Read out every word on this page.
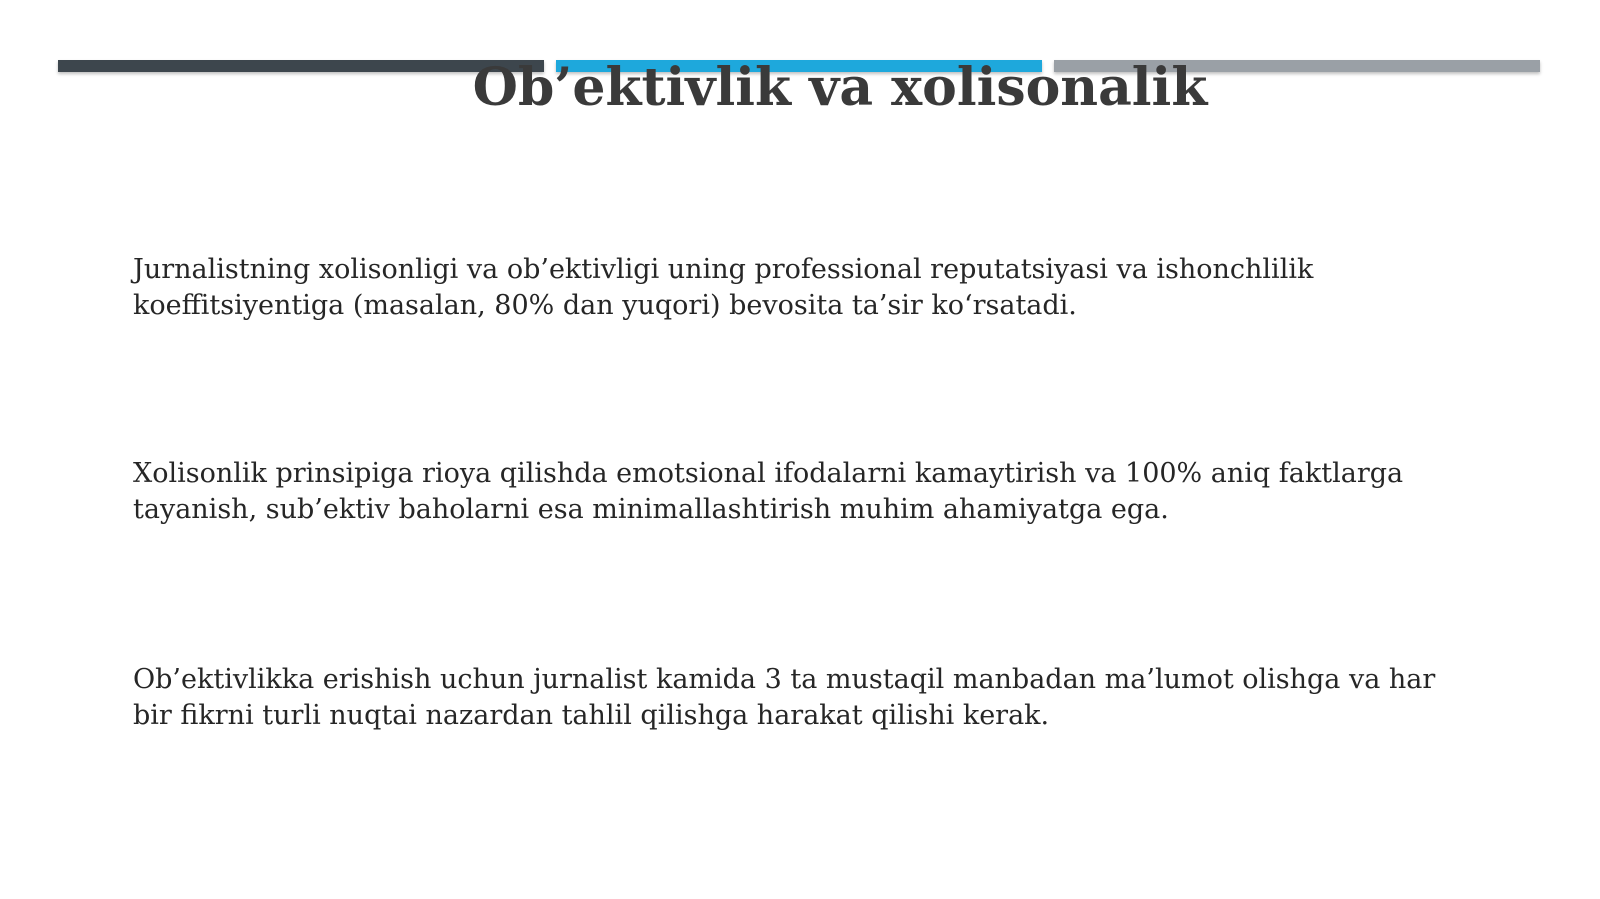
Ob’ektivlik va xolisonalik

Jurnalistning xolisonligi va ob’ektivligi uning professional reputatsiyasi va ishonchlilik
koeffitsiyentiga (masalan, 80% dan yuqori) bevosita ta’sir ko‘rsatadi.

Xolisonlik prinsipiga rioya qilishda emotsional ifodalarni kamaytirish va 100% aniq faktlarga
tayanish, sub’ektiv baholarni esa minimallashtirish muhim ahamiyatga ega.

Ob’ektivlikka erishish uchun jurnalist kamida 3 ta mustaqil manbadan ma’lumot olishga va har
bir fikrni turli nuqtai nazardan tahlil qilishga harakat qilishi kerak.
